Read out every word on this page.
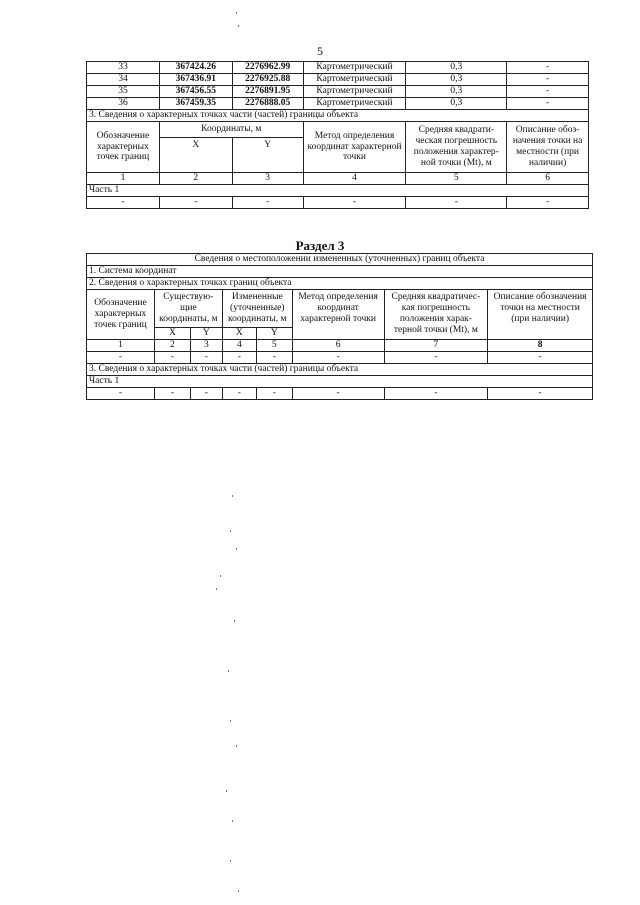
5
33	367424.26	2276962.99	Картометрический	0,3	-
34	367436.91	2276925.88	Картометрический	0,3	-
35	367456.55	2276891.95	Картометрический	0,3	-
36	367459.35	2276888.05	Картометрический	0,3	-
3. Сведения о характерных точках части (частей) границы объекта					
Обозначение характерных точек границ	Координаты, м		Метод определения координат характерной точки	Средняя квадрати-ческая погрешность положения характер-ной точки (Mt), м	Описание обоз-начения точки на местности (при наличии)
	X	Y			
1	2	3	4	5	6
Часть 1					
-	-	-	-	-	-
Раздел 3
Сведения о местоположении измененных (уточненных) границ объекта							
1. Система координат							
2. Сведения о характерных точках границ объекта							
Обозначение характерных точек границ	Существую-щие координаты, м		Измененные (уточненные) координаты, м		Метод определения координат характерной точки	Средняя квадратичес-кая погрешность положения харак-терной точки (Mt), м	Описание обозначения точки на местности (при наличии)
	X	Y	X	Y			
1	2	3	4	5	6	7	8
-	-	-	-	-	-	-	-
3. Сведения о характерных точках части (частей) границы объекта							
Часть 1							
-	-	-	-	-	-	-	-
